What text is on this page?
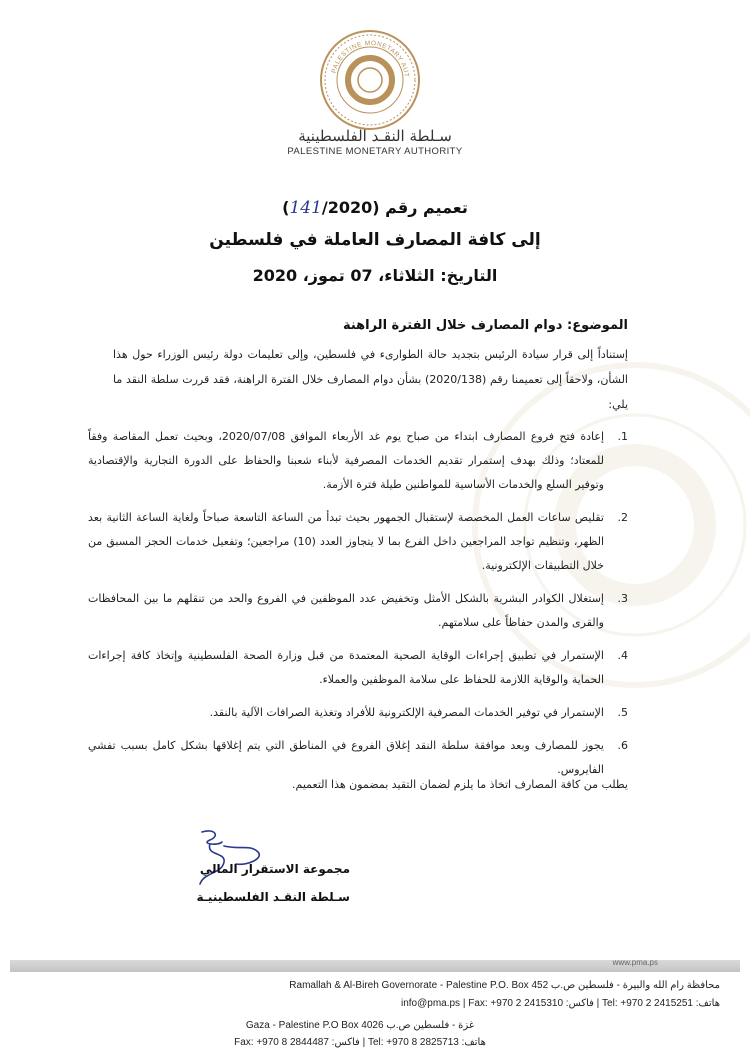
PALESTINE MONETARY AUT
سـلطة النقـد الفلسطينية
PALESTINE MONETARY AUTHORITY
تعميم رقم (141/2020)
إلى كافة المصارف العاملة في فلسطين
التاريخ: الثلاثاء، 07 تموز، 2020
الموضوع: دوام المصارف خلال الفترة الراهنة
إستناداً إلى قرار سيادة الرئيس بتجديد حالة الطوارىء في فلسطين، وإلى تعليمات دولة رئيس الوزراء حول هذا الشأن، ولاحقاً إلى تعميمنا رقم (2020/138) بشأن دوام المصارف خلال الفترة الراهنة، فقد قررت سلطة النقد ما يلي:
1.
إعادة فتح فروع المصارف ابتداء من صباح يوم غد الأربعاء الموافق 2020/07/08، وبحيث تعمل المقاصة وفقاً للمعتاد؛ وذلك بهدف إستمرار تقديم الخدمات المصرفية لأبناء شعبنا والحفاظ على الدورة التجارية والإقتصادية وتوفير السلع والخدمات الأساسية للمواطنين طيلة فترة الأزمة.
2.
تقليص ساعات العمل المخصصة لإستقبال الجمهور بحيث تبدأ من الساعة التاسعة صباحاً ولغاية الساعة الثانية بعد الظهر، وتنظيم تواجد المراجعين داخل الفرع بما لا يتجاوز العدد (10) مراجعين؛ وتفعيل خدمات الحجز المسبق من خلال التطبيقات الإلكترونية.
3.
إستغلال الكوادر البشرية بالشكل الأمثل وتخفيض عدد الموظفين في الفروع والحد من تنقلهم ما بين المحافظات والقرى والمدن حفاظاً على سلامتهم.
4.
الإستمرار في تطبيق إجراءات الوقاية الصحية المعتمدة من قبل وزارة الصحة الفلسطينية وإتخاذ كافة إجراءات الحماية والوقاية اللازمة للحفاظ على سلامة الموظفين والعملاء.
5.
الإستمرار في توفير الخدمات المصرفية الإلكترونية للأفراد وتغذية الصرافات الآلية بالنقد.
6.
يجوز للمصارف وبعد موافقة سلطة النقد إغلاق الفروع في المناطق التي يتم إغلاقها بشكل كامل بسبب تفشي الفايروس.
يطلب من كافة المصارف اتخاذ ما يلزم لضمان التقيد بمضمون هذا التعميم.
مجموعة الاستقرار المالي
سـلطة النقـد الفلسطينيـة
www.pma.ps
Ramallah & Al-Bireh Governorate - Palestine P.O. Box 452 محافظة رام الله والبيرة - فلسطين ص.ب
info@pma.ps | Fax: +970 2 2415310 :فاكس | Tel: +970 2 2415251 :هاتف
Gaza - Palestine P.O Box 4026 غزة - فلسطين ص.ب
Fax: +970 8 2844487 :فاكس | Tel: +970 8 2825713 :هاتف
